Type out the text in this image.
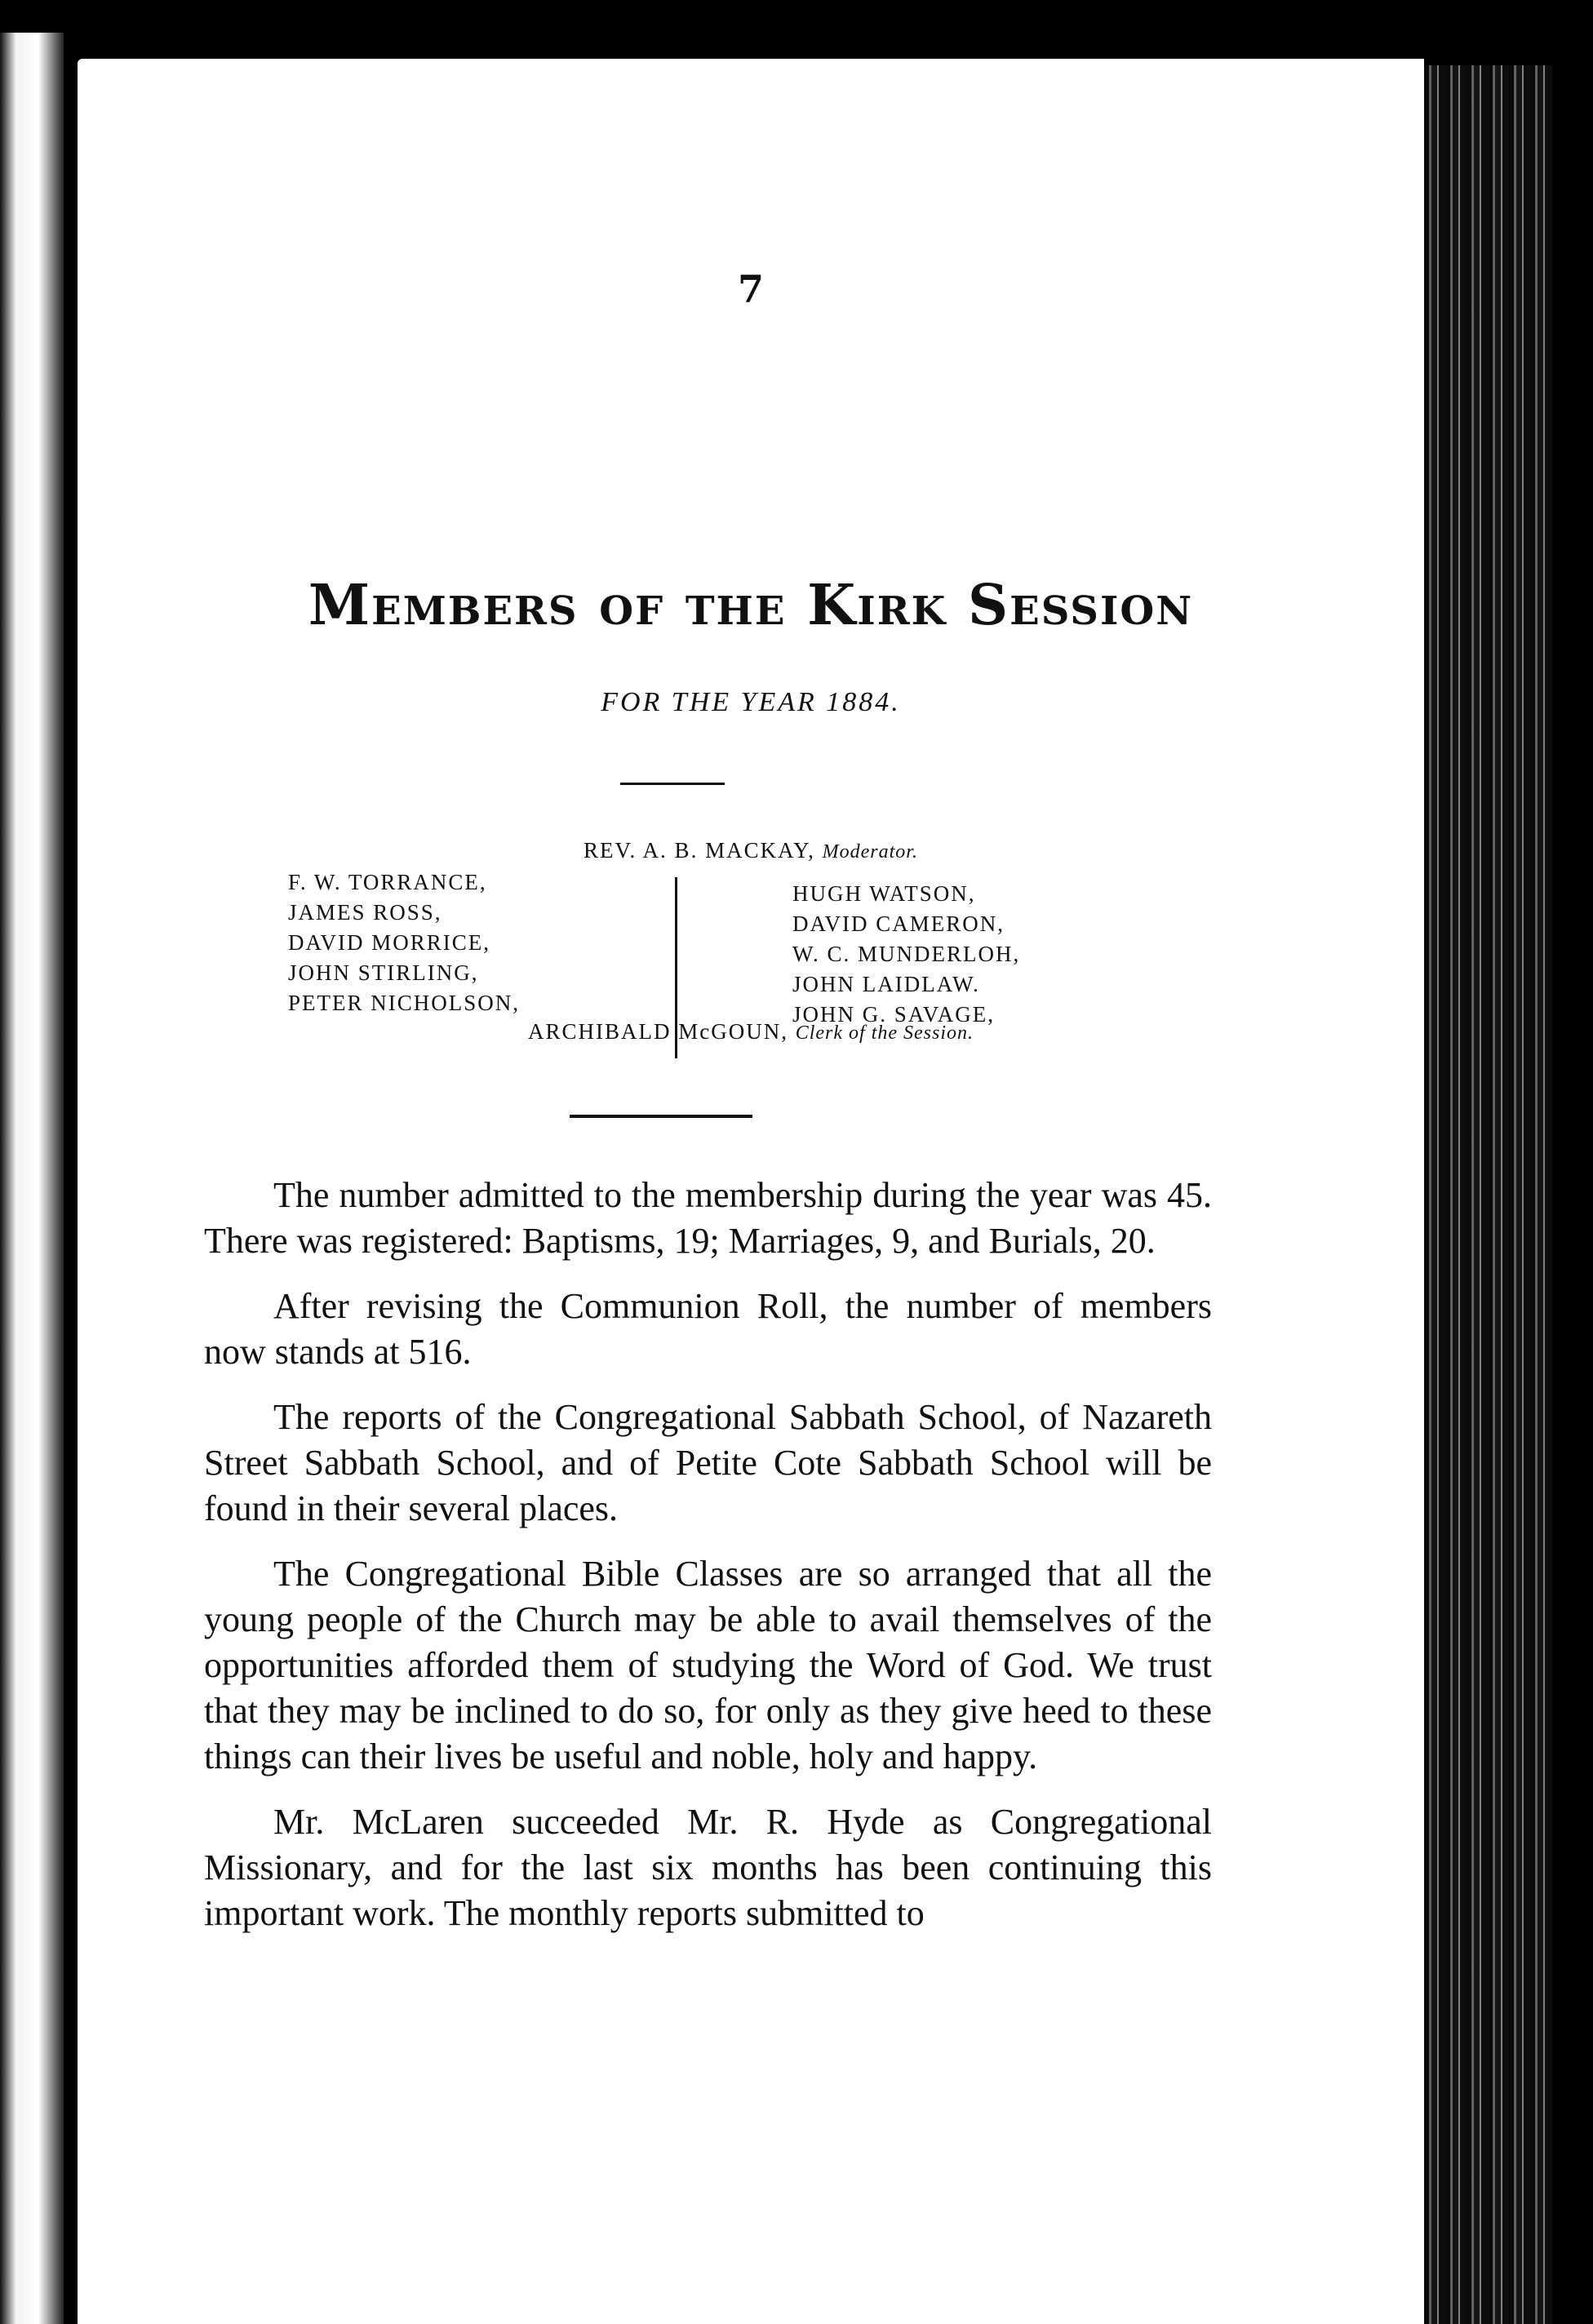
7
Members of the Kirk Session
FOR THE YEAR 1884.
REV. A. B. MACKAY, Moderator.
F. W. TORRANCE,
JAMES ROSS,
DAVID MORRICE,
JOHN STIRLING,
PETER NICHOLSON,
HUGH WATSON,
DAVID CAMERON,
W. C. MUNDERLOH,
JOHN LAIDLAW.
JOHN G. SAVAGE,
ARCHIBALD McGOUN, Clerk of the Session.

The number admitted to the membership during the year was 45. There was registered: Baptisms, 19; Marriages, 9, and Burials, 20.

After revising the Communion Roll, the number of members now stands at 516.

The reports of the Congregational Sabbath School, of Nazareth Street Sabbath School, and of Petite Cote Sabbath School will be found in their several places.

The Congregational Bible Classes are so arranged that all the young people of the Church may be able to avail themselves of the opportunities afforded them of studying the Word of God. We trust that they may be inclined to do so, for only as they give heed to these things can their lives be useful and noble, holy and happy.

Mr. McLaren succeeded Mr. R. Hyde as Congregational Missionary, and for the last six months has been continuing this important work. The monthly reports submitted to
